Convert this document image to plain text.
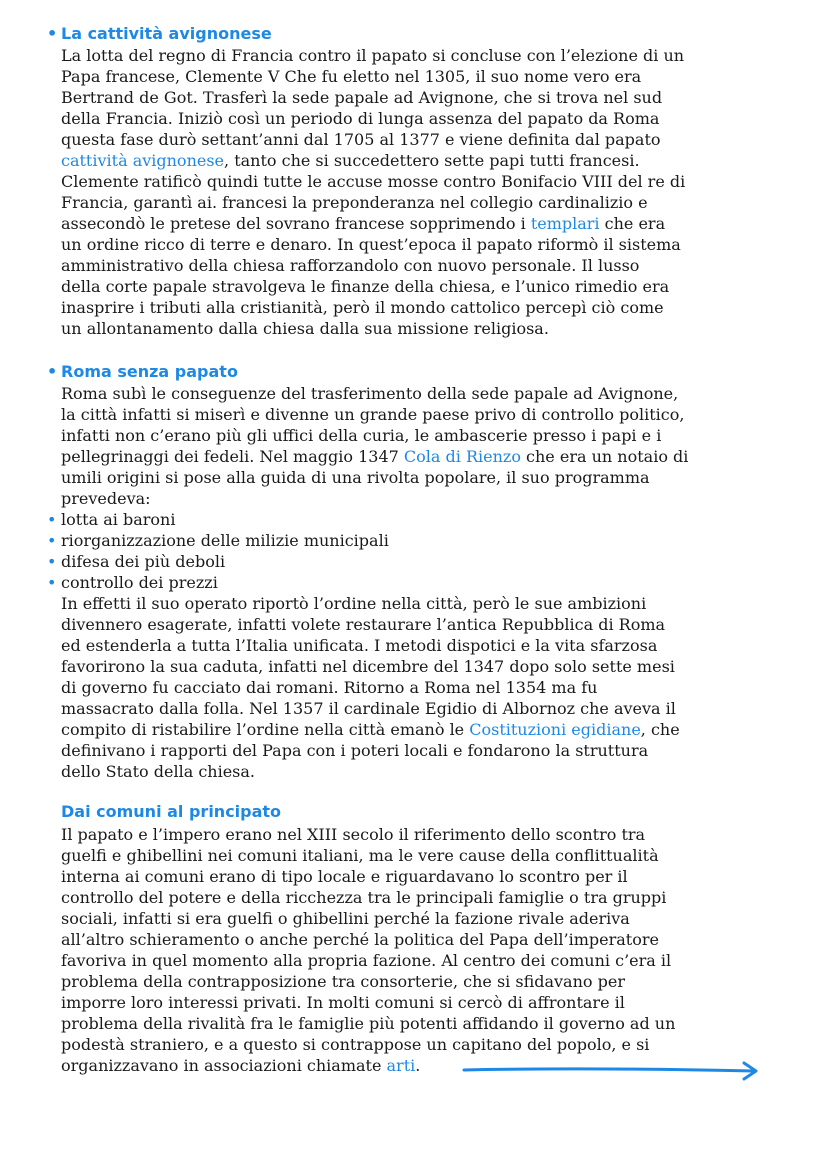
• La cattività avignonese
La lotta del regno di Francia contro il papato si concluse con l’elezione di un
Papa francese, Clemente V Che fu eletto nel 1305, il suo nome vero era
Bertrand de Got. Trasferì la sede papale ad Avignone, che si trova nel sud
della Francia. Iniziò così un periodo di lunga assenza del papato da Roma
questa fase durò settant’anni dal 1705 al 1377 e viene definita dal papato
cattività avignonese, tanto che si succedettero sette papi tutti francesi.
Clemente ratificò quindi tutte le accuse mosse contro Bonifacio VIII del re di
Francia, garantì ai. francesi la preponderanza nel collegio cardinalizio e
assecondò le pretese del sovrano francese sopprimendo i templari che era
un ordine ricco di terre e denaro. In quest’epoca il papato riformò il sistema
amministrativo della chiesa rafforzandolo con nuovo personale. Il lusso
della corte papale stravolgeva le finanze della chiesa, e l’unico rimedio era
inasprire i tributi alla cristianità, però il mondo cattolico percepì ciò come
un allontanamento dalla chiesa dalla sua missione religiosa.
• Roma senza papato
Roma subì le conseguenze del trasferimento della sede papale ad Avignone,
la città infatti si miserì e divenne un grande paese privo di controllo politico,
infatti non c’erano più gli uffici della curia, le ambascerie presso i papi e i
pellegrinaggi dei fedeli. Nel maggio 1347 Cola di Rienzo che era un notaio di
umili origini si pose alla guida di una rivolta popolare, il suo programma
prevedeva:
• lotta ai baroni
• riorganizzazione delle milizie municipali
• difesa dei più deboli
• controllo dei prezzi
In effetti il suo operato riportò l’ordine nella città, però le sue ambizioni
divennero esagerate, infatti volete restaurare l’antica Repubblica di Roma
ed estenderla a tutta l’Italia unificata. I metodi dispotici e la vita sfarzosa
favorirono la sua caduta, infatti nel dicembre del 1347 dopo solo sette mesi
di governo fu cacciato dai romani. Ritorno a Roma nel 1354 ma fu
massacrato dalla folla. Nel 1357 il cardinale Egidio di Albornoz che aveva il
compito di ristabilire l’ordine nella città emanò le Costituzioni egidiane, che
definivano i rapporti del Papa con i poteri locali e fondarono la struttura
dello Stato della chiesa.
Dai comuni al principato
Il papato e l’impero erano nel XIII secolo il riferimento dello scontro tra
guelfi e ghibellini nei comuni italiani, ma le vere cause della conflittualità
interna ai comuni erano di tipo locale e riguardavano lo scontro per il
controllo del potere e della ricchezza tra le principali famiglie o tra gruppi
sociali, infatti si era guelfi o ghibellini perché la fazione rivale aderiva
all’altro schieramento o anche perché la politica del Papa dell’imperatore
favoriva in quel momento alla propria fazione. Al centro dei comuni c’era il
problema della contrapposizione tra consorterie, che si sfidavano per
imporre loro interessi privati. In molti comuni si cercò di affrontare il
problema della rivalità fra le famiglie più potenti affidando il governo ad un
podestà straniero, e a questo si contrappose un capitano del popolo, e si
organizzavano in associazioni chiamate arti.
